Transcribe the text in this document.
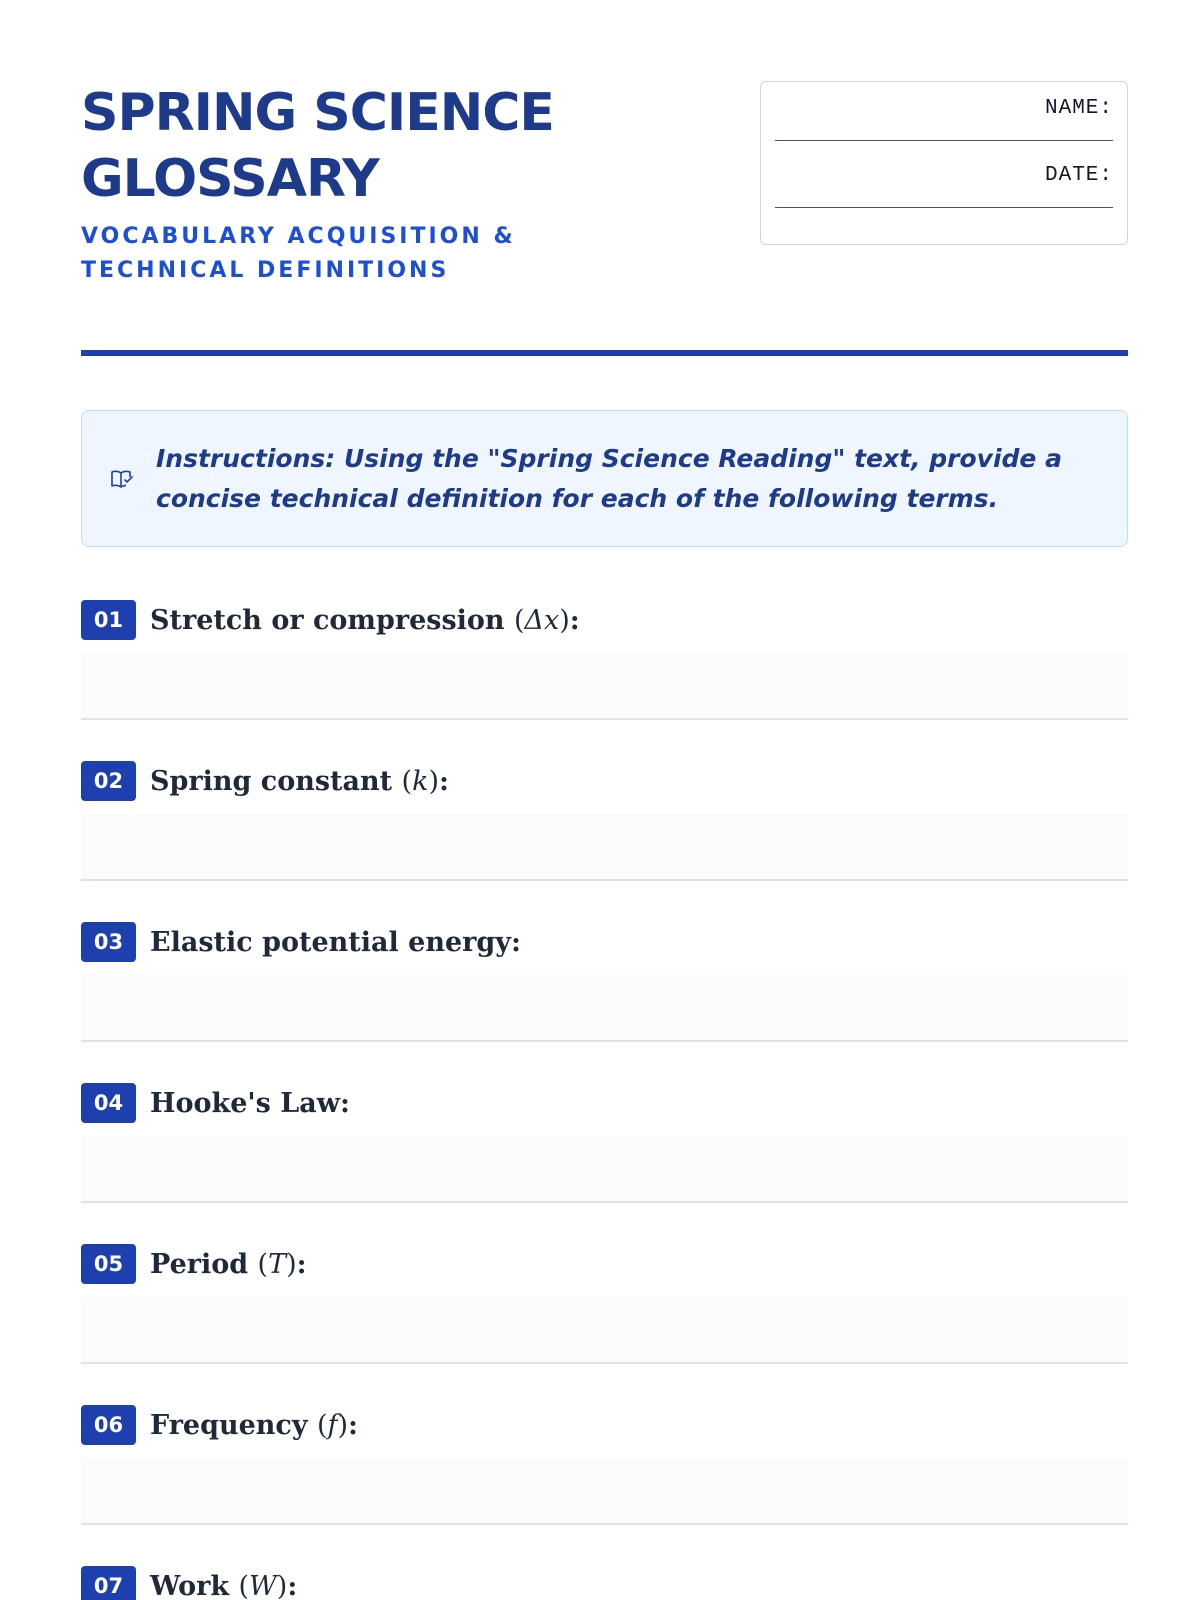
SPRING SCIENCE
GLOSSARY
VOCABULARY ACQUISITION & TECHNICAL DEFINITIONS
NAME:
DATE:

Instructions: Using the "Spring Science Reading" text, provide a concise technical definition for each of the following terms.

01 Stretch or compression (Δx):
02 Spring constant (k):
03 Elastic potential energy:
04 Hooke's Law:
05 Period (T):
06 Frequency (f):
07 Work (W):
